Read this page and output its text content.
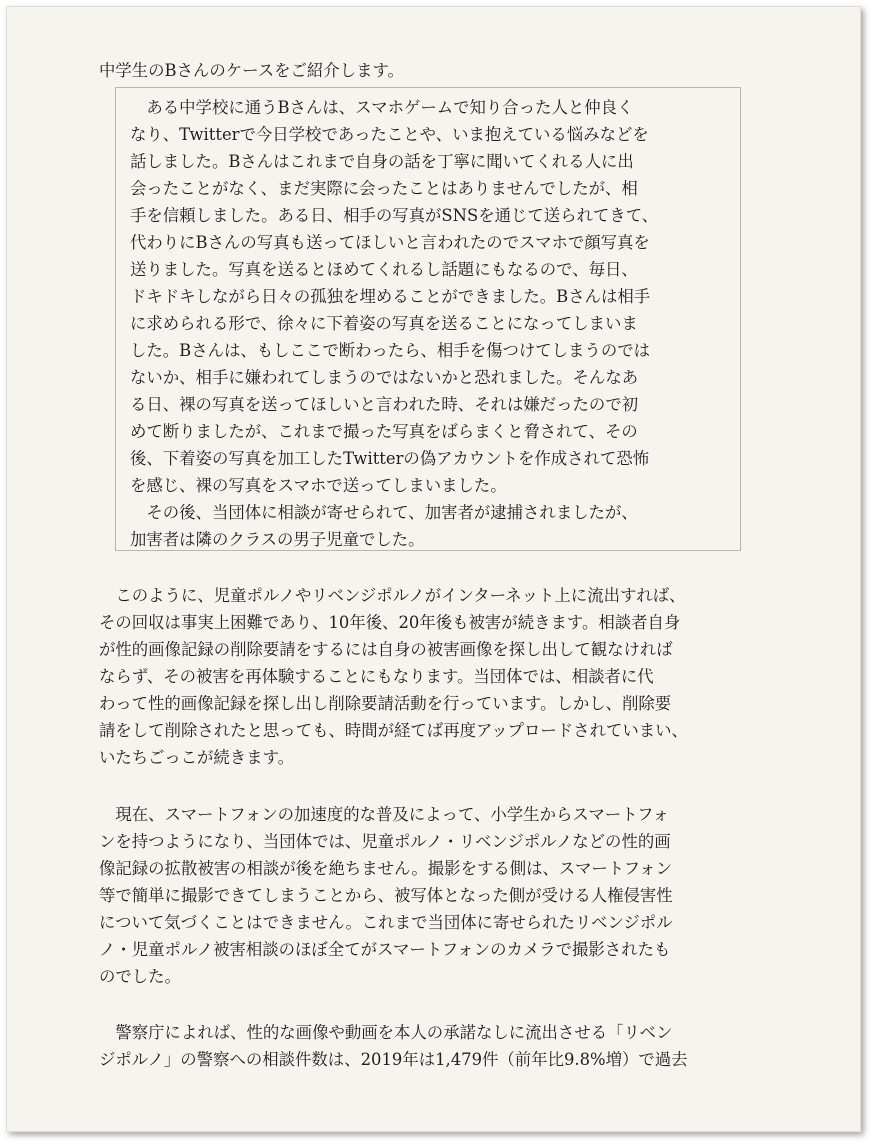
中学生のBさんのケースをご紹介します。

　ある中学校に通うBさんは、スマホゲームで知り合った人と仲良く
なり、Twitterで今日学校であったことや、いま抱えている悩みなどを
話しました。Bさんはこれまで自身の話を丁寧に聞いてくれる人に出
会ったことがなく、まだ実際に会ったことはありませんでしたが、相
手を信頼しました。ある日、相手の写真がSNSを通じて送られてきて、
代わりにBさんの写真も送ってほしいと言われたのでスマホで顔写真を
送りました。写真を送るとほめてくれるし話題にもなるので、毎日、
ドキドキしながら日々の孤独を埋めることができました。Bさんは相手
に求められる形で、徐々に下着姿の写真を送ることになってしまいま
した。Bさんは、もしここで断わったら、相手を傷つけてしまうのでは
ないか、相手に嫌われてしまうのではないかと恐れました。そんなあ
る日、裸の写真を送ってほしいと言われた時、それは嫌だったので初
めて断りましたが、これまで撮った写真をばらまくと脅されて、その
後、下着姿の写真を加工したTwitterの偽アカウントを作成されて恐怖
を感じ、裸の写真をスマホで送ってしまいました。
　その後、当団体に相談が寄せられて、加害者が逮捕されましたが、
加害者は隣のクラスの男子児童でした。
　このように、児童ポルノやリベンジポルノがインターネット上に流出すれば、
その回収は事実上困難であり、10年後、20年後も被害が続きます。相談者自身
が性的画像記録の削除要請をするには自身の被害画像を探し出して観なければ
ならず、その被害を再体験することにもなります。当団体では、相談者に代
わって性的画像記録を探し出し削除要請活動を行っています。しかし、削除要
請をして削除されたと思っても、時間が経てば再度アップロードされていまい、
いたちごっこが続きます。
　現在、スマートフォンの加速度的な普及によって、小学生からスマートフォ
ンを持つようになり、当団体では、児童ポルノ・リベンジポルノなどの性的画
像記録の拡散被害の相談が後を絶ちません。撮影をする側は、スマートフォン
等で簡単に撮影できてしまうことから、被写体となった側が受ける人権侵害性
について気づくことはできません。これまで当団体に寄せられたリベンジポル
ノ・児童ポルノ被害相談のほぼ全てがスマートフォンのカメラで撮影されたも
のでした。
　警察庁によれば、性的な画像や動画を本人の承諾なしに流出させる「リベン
ジポルノ」の警察への相談件数は、2019年は1,479件（前年比9.8%増）で過去
